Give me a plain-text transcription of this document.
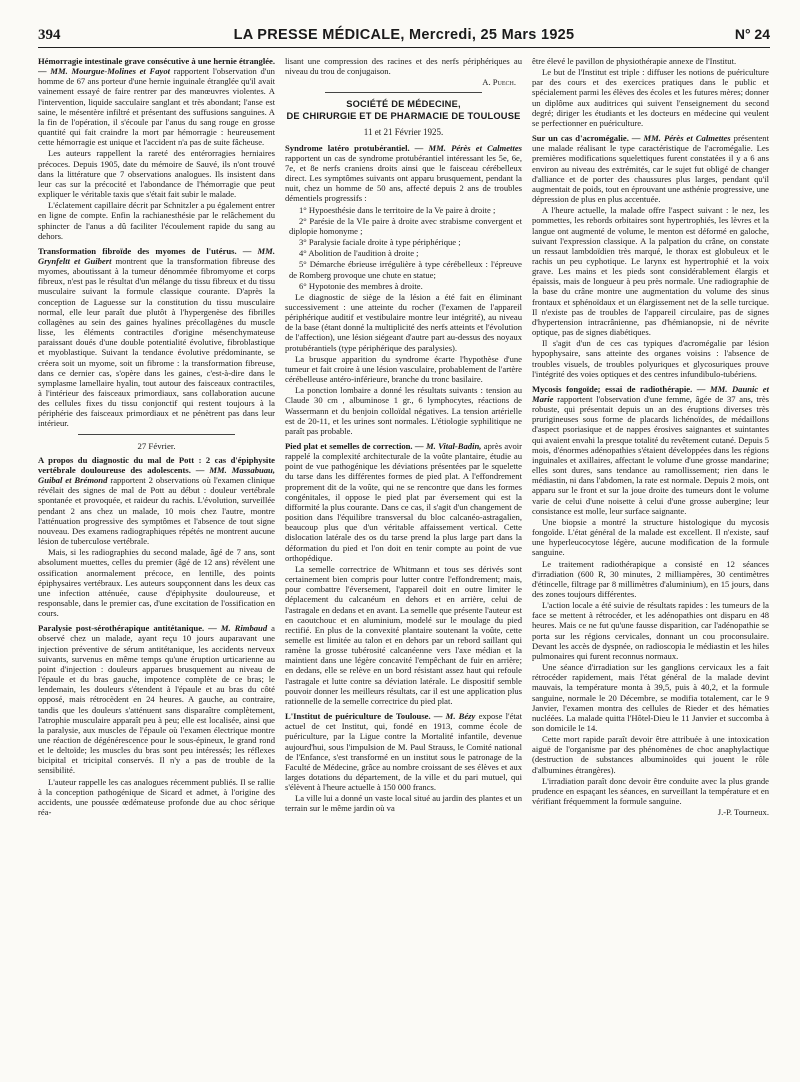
394	LA PRESSE MÉDICALE, Mercredi, 25 Mars 1925	N° 24

Hémorragie intestinale grave consécutive à une hernie étranglée. — MM. Mourgue-Molines et Fayot rapportent l'observation d'un homme de 67 ans porteur d'une hernie inguinale étranglée qu'il avait vainement essayé de faire rentrer par des manœuvres violentes. A l'intervention, liquide sacculaire sanglant et très abondant; l'anse est saine, le mésentère infiltré et présentant des suffusions sanguines. A la fin de l'opération, il s'écoule par l'anus du sang rouge en grosse quantité qui fait craindre la mort par hémorragie : heureusement cette hémorragie est unique et l'accident n'a pas de suite fâcheuse.

Les auteurs rappellent la rareté des entérorragies herniaires précoces. Depuis 1905, date du mémoire de Sauvé, ils n'ont trouvé dans la littérature que 7 observations analogues. Ils insistent dans leur cas sur la précocité et l'abondance de l'hémorragie que peut expliquer le véritable taxis que s'était fait subir le malade.

L'éclatement capillaire décrit par Schnitzler a pu également entrer en ligne de compte. Enfin la rachianesthésie par le relâchement du sphincter de l'anus a dû faciliter l'écoulement rapide du sang au dehors.

Transformation fibroïde des myomes de l'utérus. — MM. Grynfeltt et Guibert montrent que la transformation fibreuse des myomes, aboutissant à la tumeur dénommée fibromyome et corps fibreux, n'est pas le résultat d'un mélange du tissu fibreux et du tissu musculaire suivant la formule classique courante. D'après la conception de Laguesse sur la constitution du tissu musculaire normal, elle leur paraît due plutôt à l'hypergenèse des fibrilles collagènes au sein des gaines hyalines précollagènes du muscle lisse, les éléments contractiles d'origine mésenchymateuse paraissant doués d'une double potentialité évolutive, fibroblastique et myoblastique. Suivant la tendance évolutive prédominante, se créera soit un myome, soit un fibrome : la transformation fibreuse, dans ce dernier cas, s'opère dans les gaines, c'est-à-dire dans le symplasme lamellaire hyalin, tout autour des faisceaux contractiles, à l'intérieur des faisceaux primordiaux, sans collaboration aucune des cellules fixes du tissu conjonctif qui restent toujours à la périphérie des faisceaux primordiaux et ne pénètrent pas dans leur intérieur.

27 Février.

A propos du diagnostic du mal de Pott : 2 cas d'épiphysite vertébrale douloureuse des adolescents. — MM. Massabuau, Guibal et Brémond rapportent 2 observations où l'examen clinique révélait des signes de mal de Pott au début : douleur vertébrale spontanée et provoquée, et raideur du rachis. L'évolution, surveillée pendant 2 ans chez un malade, 10 mois chez l'autre, montre l'atténuation progressive des symptômes et l'absence de tout signe nouveau. Des examens radiographiques répétés ne montrent aucune lésion de tuberculose vertébrale.

Mais, si les radiographies du second malade, âgé de 7 ans, sont absolument muettes, celles du premier (âgé de 12 ans) révèlent une ossification anormalement précoce, en lentille, des points épiphysaires vertébraux. Les auteurs soupçonnent dans les deux cas une infection atténuée, cause d'épiphysite douloureuse, et responsable, dans le premier cas, d'une excitation de l'ossification en cours.

Paralysie post-sérothérapique antitétanique. — M. Rimbaud a observé chez un malade, ayant reçu 10 jours auparavant une injection préventive de sérum antitétanique, les accidents nerveux suivants, survenus en même temps qu'une éruption urticarienne au point d'injection : douleurs apparues brusquement au niveau de l'épaule et du bras gauche, impotence complète de ce bras; le lendemain, les douleurs s'étendent à l'épaule et au bras du côté opposé, mais rétrocèdent en 24 heures. A gauche, au contraire, tandis que les douleurs s'atténuent sans disparaître complètement, l'atrophie musculaire apparaît peu à peu; elle est localisée, ainsi que la paralysie, aux muscles de l'épaule où l'examen électrique montre une réaction de dégénérescence pour le sous-épineux, le grand rond et le deltoïde; les muscles du bras sont peu intéressés; les réflexes bicipital et tricipital conservés. Il n'y a pas de trouble de la sensibilité.

L'auteur rappelle les cas analogues récemment publiés. Il se rallie à la conception pathogénique de Sicard et admet, à l'origine des accidents, une poussée œdémateuse profonde due au choc sérique réa-

lisant une compression des racines et des nerfs périphériques au niveau du trou de conjugaison.

A. Puech.
SOCIÉTÉ DE MÉDECINE,
DE CHIRURGIE ET DE PHARMACIE DE TOULOUSE
11 et 21 Février 1925.

Syndrome latéro protubérantiel. — MM. Pérès et Calmettes rapportent un cas de syndrome protubérantiel intéressant les 5e, 6e, 7e, et 8e nerfs craniens droits ainsi que le faisceau cérébelleux direct. Les symptômes suivants ont apparu brusquement, pendant la nuit, chez un homme de 50 ans, affecté depuis 2 ans de troubles démentiels progressifs :

1° Hypoesthésie dans le territoire de la Ve paire à droite ;

2° Parésie de la VIe paire à droite avec strabisme convergent et diplopie homonyme ;

3° Paralysie faciale droite à type périphérique ;

4° Abolition de l'audition à droite ;

5° Démarche ébrieuse irrégulière à type cérébelleux : l'épreuve de Romberg provoque une chute en statue;

6° Hypotonie des membres à droite.

Le diagnostic de siège de la lésion a été fait en éliminant successivement : une atteinte du rocher (l'examen de l'appareil périphérique auditif et vestibulaire montre leur intégrité), au niveau de la base (étant donné la multiplicité des nerfs atteints et l'évolution de l'affection), une lésion siégeant d'autre part au-dessus des noyaux protubérantiels (type périphérique des paralysies).

La brusque apparition du syndrome écarte l'hypothèse d'une tumeur et fait croire à une lésion vasculaire, probablement de l'artère cérébelleuse antéro-inférieure, branche du tronc basilaire.

La ponction lombaire a donné les résultats suivants : tension au Claude 30 cm , albuminose 1 gr., 6 lymphocytes, réactions de Wassermann et du benjoin colloïdal négatives. La tension artérielle est de 20-11, et les urines sont normales. L'étiologie syphilitique ne paraît pas probable.

Pied plat et semelles de correction. — M. Vital-Badin, après avoir rappelé la complexité architecturale de la voûte plantaire, étudie au point de vue pathogénique les déviations présentées par le squelette du tarse dans les différentes formes de pied plat. A l'effondrement proprement dit de la voûte, qui ne se rencontre que dans les formes congénitales, il oppose le pied plat par éversement qui est la difformité la plus courante. Dans ce cas, il s'agit d'un changement de position dans l'équilibre transversal du bloc calcanéo-astragalien, beaucoup plus que d'un véritable affaissement vertical. Cette dislocation latérale des os du tarse prend la plus large part dans la déformation du pied et l'on doit en tenir compte au point de vue orthopédique.

La semelle correctrice de Whitmann et tous ses dérivés sont certainement bien compris pour lutter contre l'effondrement; mais, pour combattre l'éversement, l'appareil doit en outre limiter le déplacement du calcanéum en dehors et en arrière, celui de l'astragale en dedans et en avant. La semelle que présente l'auteur est en caoutchouc et en aluminium, modelé sur le moulage du pied rectifié. En plus de la convexité plantaire soutenant la voûte, cette semelle est limitée au talon et en dehors par un rebord saillant qui ramène la grosse tubérosité calcanéenne vers l'axe médian et la maintient dans une légère concavité l'empêchant de fuir en arrière; en dedans, elle se relève en un bord résistant assez haut qui refoule l'astragale et lutte contre sa déviation latérale. Le dispositif semble pouvoir donner les meilleurs résultats, car il est une application plus rationnelle de la semelle correctrice du pied plat.

L'Institut de puériculture de Toulouse. — M. Bézy expose l'état actuel de cet Institut, qui, fondé en 1913, comme école de puériculture, par la Ligue contre la Mortalité infantile, devenue aujourd'hui, sous l'impulsion de M. Paul Strauss, le Comité national de l'Enfance, s'est transformé en un institut sous le patronage de la Faculté de Médecine, grâce au nombre croissant de ses élèves et aux larges dotations du département, de la ville et du pari mutuel, qui s'élèvent à l'heure actuelle à 150 000 francs.

La ville lui a donné un vaste local situé au jardin des plantes et un terrain sur le même jardin où va

être élevé le pavillon de physiothérapie annexe de l'Institut.

Le but de l'Institut est triple : diffuser les notions de puériculture par des cours et des exercices pratiques dans le public et spécialement parmi les élèves des écoles et les futures mères; donner un diplôme aux auditrices qui suivent l'enseignement du second degré; diriger les étudiants et les docteurs en médecine qui veulent se perfectionner en puériculture.

Sur un cas d'acromégalie. — MM. Pérès et Calmettes présentent une malade réalisant le type caractéristique de l'acromégalie. Les premières modifications squelettiques furent constatées il y a 6 ans environ au niveau des extrémités, car le sujet fut obligé de changer d'alliance et de porter des chaussures plus larges, pendant qu'il augmentait de poids, tout en éprouvant une asthénie progressive, une dépression de plus en plus accentuée.

A l'heure actuelle, la malade offre l'aspect suivant : le nez, les pommettes, les rebords orbitaires sont hypertrophiés, les lèvres et la langue ont augmenté de volume, le menton est déformé en galoche, suivant l'expression classique. A la palpation du crâne, on constate un ressaut lambdoïdien très marqué, le thorax est globuleux et le rachis un peu cyphotique. Le larynx est hypertrophié et la voix grave. Les mains et les pieds sont considérablement élargis et épaissis, mais de longueur à peu près normale. Une radiographie de la base du crâne montre une augmentation du volume des sinus frontaux et sphénoïdaux et un élargissement net de la selle turcique. Il n'existe pas de troubles de l'appareil circulaire, pas de signes d'hypertension intracrânienne, pas d'hémianopsie, ni de névrite optique, pas de signes diabétiques.

Il s'agit d'un de ces cas typiques d'acromégalie par lésion hypophysaire, sans atteinte des organes voisins : l'absence de troubles visuels, de troubles polyuriques et glycosuriques prouve l'intégrité des voies optiques et des centres infundibulo-tubériens.

Mycosis fongoïde; essai de radiothérapie. — MM. Daunic et Marie rapportent l'observation d'une femme, âgée de 37 ans, très robuste, qui présentait depuis un an des éruptions diverses très prurigineuses sous forme de placards lichénoïdes, de médaillons d'aspect psoriasique et de nappes érosives saignantes et suintantes qui avaient envahi la presque totalité du revêtement cutané. Depuis 5 mois, d'énormes adénopathies s'étaient développées dans les régions inguinales et axillaires, affectant le volume d'une grosse mandarine; elles sont dures, sans tendance au ramollissement; rien dans le médiastin, ni dans l'abdomen, la rate est normale. Depuis 2 mois, ont apparu sur le front et sur la joue droite des tumeurs dont le volume varie de celui d'une noisette à celui d'une grosse aubergine; leur consistance est molle, leur surface saignante.

Une biopsie a montré la structure histologique du mycosis fongoïde. L'état général de la malade est excellent. Il n'existe, sauf une hyperleucocytose légère, aucune modification de la formule sanguine.

Le traitement radiothérapique a consisté en 12 séances d'irradiation (600 R, 30 minutes, 2 milliampères, 30 centimètres d'étincelle, filtrage par 8 millimètres d'aluminium), en 15 jours, dans des zones toujours différentes.

L'action locale a été suivie de résultats rapides : les tumeurs de la face se mettent à rétrocéder, et les adénopathies ont disparu en 48 heures. Mais ce ne fut qu'une fausse disparition, car l'adénopathie se porta sur les régions cervicales, donnant un cou proconsulaire. Devant les accès de dyspnée, on radioscopia le médiastin et les hiles pulmonaires qui furent reconnus normaux.

Une séance d'irradiation sur les ganglions cervicaux les a fait rétrocéder rapidement, mais l'état général de la malade devint mauvais, la température monta à 39,5, puis à 40,2, et la formule sanguine, normale le 20 Décembre, se modifia totalement, car le 9 Janvier, l'examen montra des cellules de Rieder et des hématies nucléées. La malade quitta l'Hôtel-Dieu le 11 Janvier et succomba à son domicile le 14.

Cette mort rapide paraît devoir être attribuée à une intoxication aiguë de l'organisme par des phénomènes de choc anaphylactique (destruction de substances albuminoïdes qui jouent le rôle d'albumines étrangères).

L'irradiation paraît donc devoir être conduite avec la plus grande prudence en espaçant les séances, en surveillant la température et en vérifiant fréquemment la formule sanguine.

J.-P. Tourneux.
